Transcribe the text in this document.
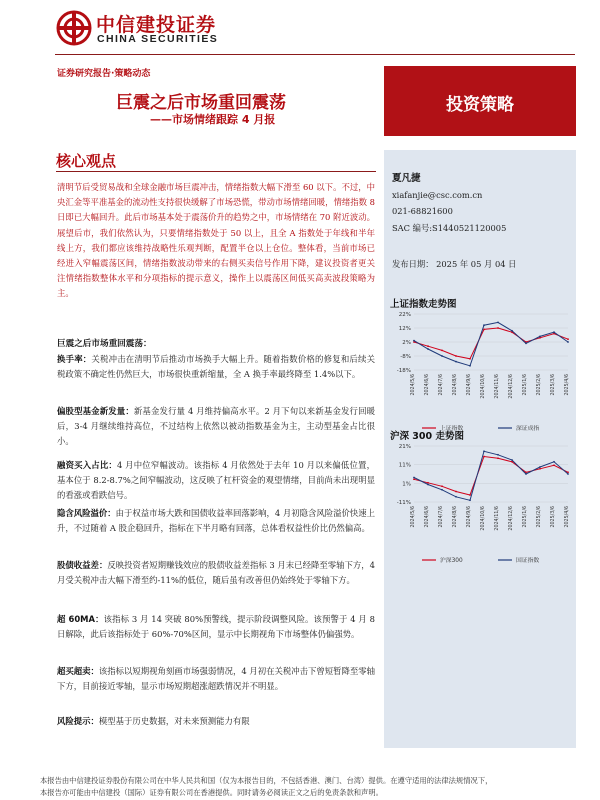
中信建投证券
CHINA SECURITIES
证券研究报告·策略动态
巨震之后市场重回震荡
——市场情绪跟踪 4 月报
投资策略
核心观点
清明节后受贸易战和全球金融市场巨震冲击，情绪指数大幅下滑至 60 以下。不过，中央汇金等平准基金的流动性支持很快缓解了市场恐慌，带动市场情绪回暖，情绪指数 8 日即已大幅回升。此后市场基本处于震荡价升的趋势之中，市场情绪在 70 附近波动。展望后市，我们依然认为，只要情绪指数处于 50 以上，且全 A 指数处于年线和半年线上方，我们都应该维持战略性乐观判断，配置半仓以上仓位。整体看，当前市场已经进入窄幅震荡区间，情绪指数波动带来的右侧买卖信号作用下降，建议投资者更关注情绪指数整体水平和分项指标的提示意义，操作上以震荡区间低买高卖波段策略为主。
巨震之后市场重回震荡：
换手率：关税冲击在清明节后推动市场换手大幅上升。随着指数价格的修复和后续关税政策不确定性仍然巨大，市场很快重新缩量，全 A 换手率最终降至 1.4%以下。
偏股型基金新发量：新基金发行量 4 月维持偏高水平。2 月下旬以来新基金发行回暖后，3-4 月继续维持高位，不过结构上依然以被动指数基金为主，主动型基金占比很小。
融资买入占比：4 月中位窄幅波动。该指标 4 月依然处于去年 10 月以来偏低位置，基本位于 8.2-8.7%之间窄幅波动，这反映了杠杆资金的观望情绪，目前尚未出现明显的看涨或看跌信号。
隐含风险溢价：由于权益市场大跌和国债收益率回落影响，4 月初隐含风险溢价快速上升，不过随着 A 股企稳回升，指标在下半月略有回落，总体看权益性价比仍然偏高。
股债收益差：反映投资者短期赚钱效应的股债收益差指标 3 月末已经降至零轴下方，4 月受关税冲击大幅下滑至约-11%的低位，随后虽有改善但仍始终处于零轴下方。
超 60MA：该指标 3 月 14 突破 80%预警线，提示阶段调整风险。该预警于 4 月 8 日解除，此后该指标处于 60%-70%区间，显示中长期视角下市场整体仍偏强势。
超买超卖：该指标以短期视角刻画市场强弱情况，4 月初在关税冲击下曾短暂降至零轴下方，目前接近零轴，显示市场短期超涨超跌情况并不明显。
风险提示：模型基于历史数据，对未来预测能力有限
夏凡捷
xiafanjie@csc.com.cn
021-68821600
SAC 编号:S1440521120005
发布日期： 2025 年 05 月 04 日
上证指数走势图
22%
12%
2%
-8%
-18%
2024/5/6 2024/6/6 2024/7/6 2024/8/6 2024/9/6 2024/10/6 2024/11/6 2024/12/6 2025/1/6 2025/2/6 2025/3/6 2025/4/6
上证指数	深证成指
沪深 300 走势图
21%
11%
1%
-11%
2024/5/6 2024/6/6 2024/7/6 2024/8/6 2024/9/6 2024/10/6 2024/11/6 2024/12/6 2025/1/6 2025/2/6 2025/3/6 2025/4/6
沪深300	国证指数
本报告由中信建投证券股份有限公司在中华人民共和国（仅为本报告目的，不包括香港、澳门、台湾）提供。在遵守适用的法律法规情况下，
本报告亦可能由中信建投（国际）证券有限公司在香港提供。同时请务必阅读正文之后的免责条款和声明。
